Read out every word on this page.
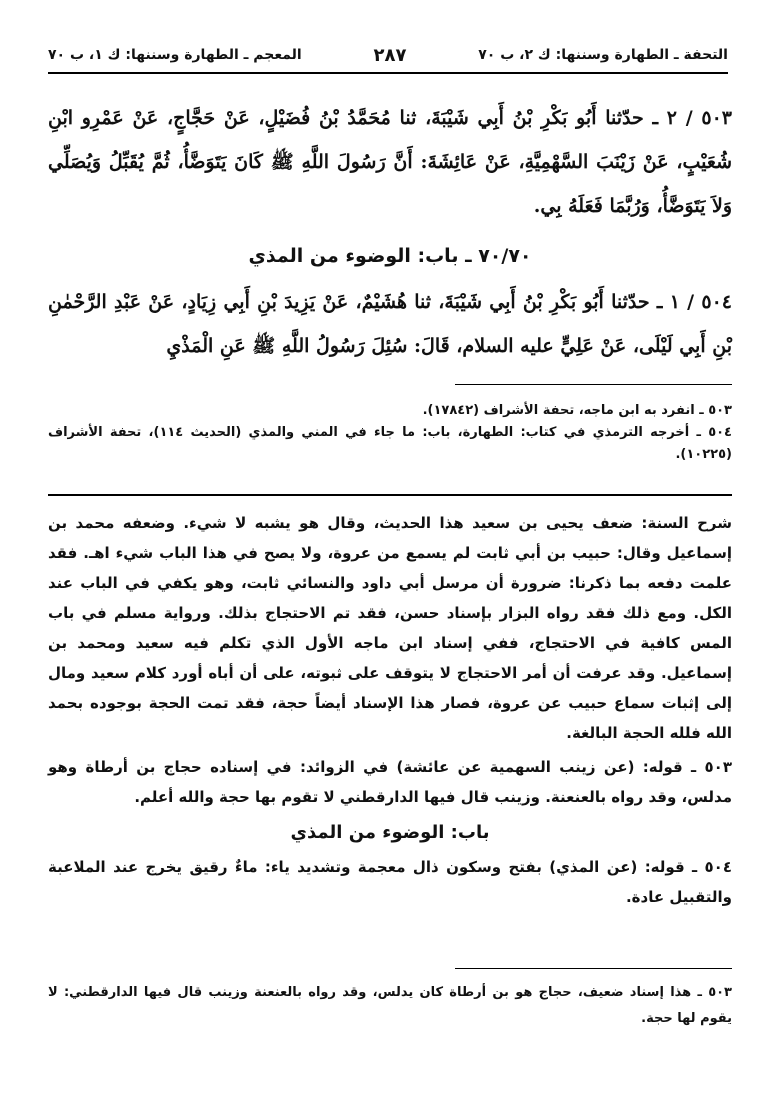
المعجم ـ الطهارة وسننها: ك ١، ب ٧٠	٢٨٧	التحفة ـ الطهارة وسننها: ك ٢، ب ٧٠

٥٠٣ / ٢ ـ حدّثنا أَبُو بَكْرِ بْنُ أَبِي شَيْبَةَ، ثنا مُحَمَّدُ بْنُ فُضَيْلٍ، عَنْ حَجَّاجٍ، عَنْ عَمْرِو ابْنِ شُعَيْبٍ، عَنْ زَيْنَبَ السَّهْمِيَّةِ، عَنْ عَائِشَةَ: أَنَّ رَسُولَ اللَّهِ ﷺ كَانَ يَتَوَضَّأُ، ثُمَّ يُقَبِّلُ وَيُصَلِّي وَلاَ يَتَوَضَّأُ، وَرُبَّمَا فَعَلَهُ بِي.

٧٠/٧٠ ـ باب: الوضوء من المذي

٥٠٤ / ١ ـ حدّثنا أَبُو بَكْرِ بْنُ أَبِي شَيْبَةَ، ثنا هُشَيْمٌ، عَنْ يَزِيدَ بْنِ أَبِي زِيَادٍ، عَنْ عَبْدِ الرَّحْمٰنِ بْنِ أَبِي لَيْلَى، عَنْ عَلِيٍّ عليه السلام، قَالَ: سُئِلَ رَسُولُ اللَّهِ ﷺ عَنِ الْمَذْيِ

٥٠٣ ـ انفرد به ابن ماجه، تحفة الأشراف (١٧٨٤٢).

٥٠٤ ـ أخرجه الترمذي في كتاب: الطهارة، باب: ما جاء في المني والمذي (الحديث ١١٤)، تحفة الأشراف (١٠٢٢٥).

شرح السنة: ضعف يحيى بن سعيد هذا الحديث، وقال هو يشبه لا شيء. وضعفه محمد بن إسماعيل وقال: حبيب بن أبي ثابت لم يسمع من عروة، ولا يصح في هذا الباب شيء اهـ. فقد علمت دفعه بما ذكرنا: ضرورة أن مرسل أبي داود والنسائي ثابت، وهو يكفي في الباب عند الكل. ومع ذلك فقد رواه البزار بإسناد حسن، فقد تم الاحتجاج بذلك. ورواية مسلم في باب المس كافية في الاحتجاج، ففي إسناد ابن ماجه الأول الذي تكلم فيه سعيد ومحمد بن إسماعيل. وقد عرفت أن أمر الاحتجاج لا يتوقف على ثبوته، على أن أباه أورد كلام سعيد ومال إلى إثبات سماع حبيب عن عروة، فصار هذا الإسناد أيضاً حجة، فقد تمت الحجة بوجوده بحمد الله فلله الحجة البالغة.

٥٠٣ ـ قوله: (عن زينب السهمية عن عائشة) في الزوائد: في إسناده حجاج بن أرطاة وهو مدلس، وقد رواه بالعنعنة. وزينب قال فيها الدارقطني لا تقوم بها حجة والله أعلم.

باب: الوضوء من المذي

٥٠٤ ـ قوله: (عن المذي) بفتح وسكون ذال معجمة وتشديد ياء: ماءٌ رقيق يخرج عند الملاعبة والتقبيل عادة.

٥٠٣ ـ هذا إسناد ضعيف، حجاج هو بن أرطاة كان يدلس، وقد رواه بالعنعنة وزينب قال فيها الدارقطني: لا يقوم لها حجة.
